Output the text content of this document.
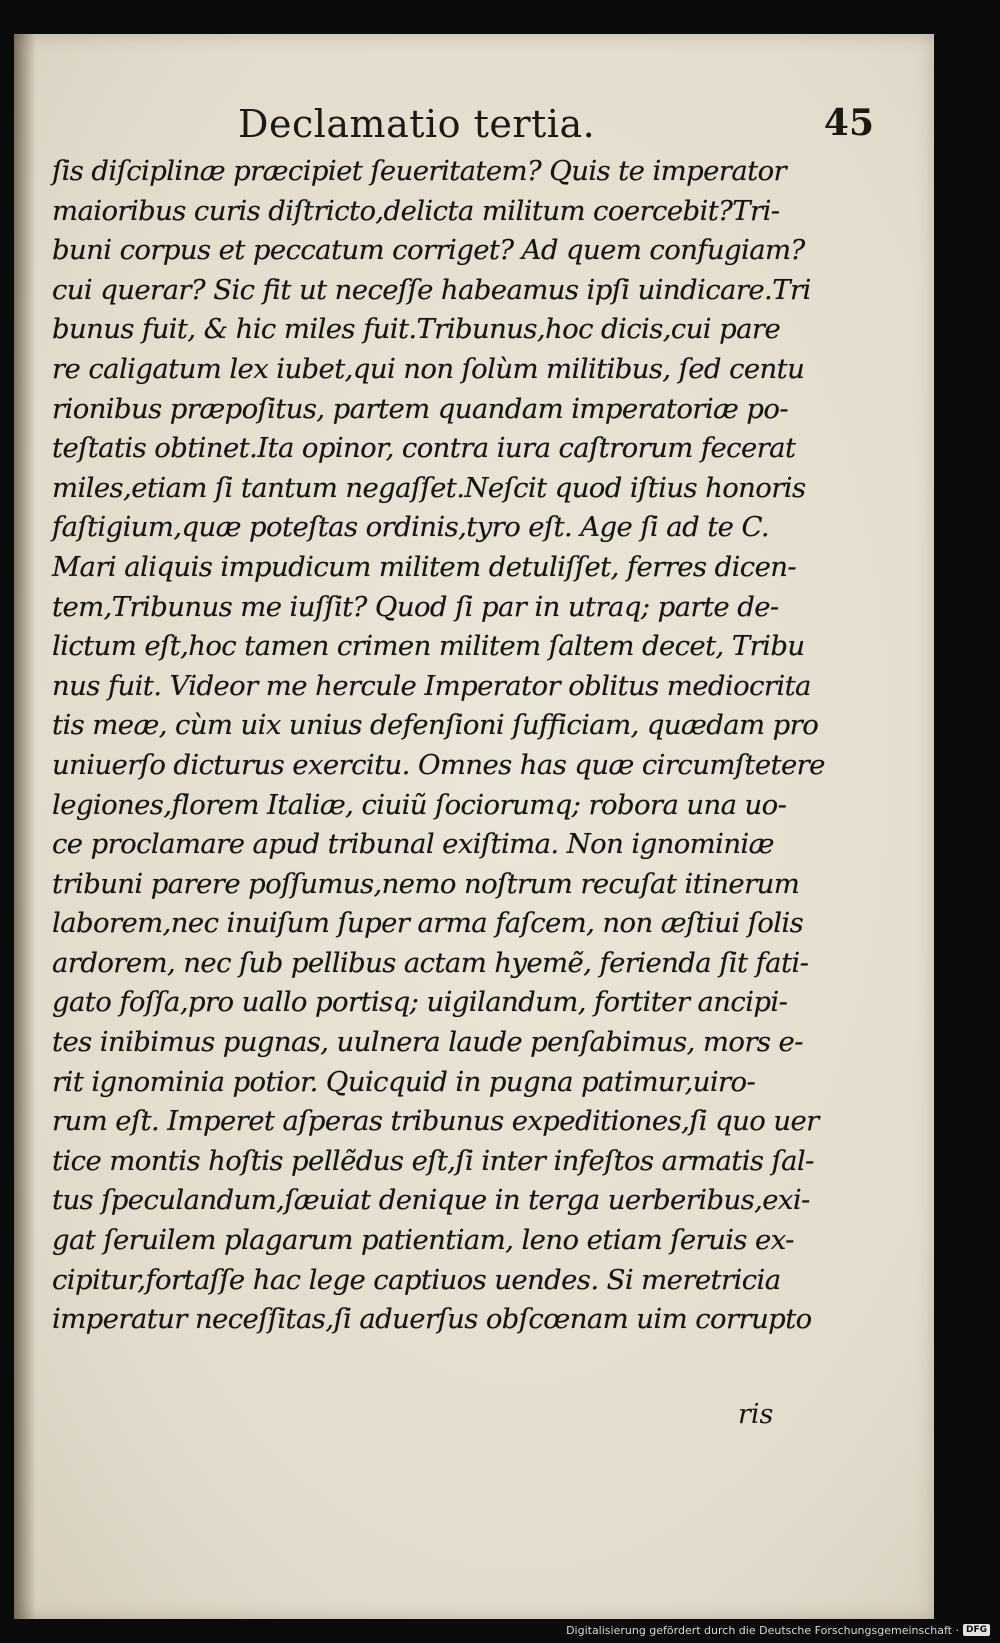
Declamatio tertia.	45
ſis diſciplinæ præcipiet ſeueritatem? Quis te imperator
maioribus curis diſtricto,delicta militum coercebit?Tri-
buni corpus et peccatum corriget? Ad quem confugiam?
cui querar? Sic fit ut neceſſe habeamus ipſi uindicare.Tri
bunus fuit, & hic miles fuit.Tribunus,hoc dicis,cui pare
re caligatum lex iubet,qui non ſolùm militibus, ſed centu
rionibus præpoſitus, partem quandam imperatoriæ po-
teſtatis obtinet.Ita opinor, contra iura caſtrorum fecerat
miles,etiam ſi tantum negaſſet.Neſcit quod iſtius honoris
faſtigium,quæ poteſtas ordinis,tyro eſt. Age ſi ad te C.
Mari aliquis impudicum militem detuliſſet, ferres dicen-
tem,Tribunus me iuſſit? Quod ſi par in utraq; parte de-
lictum eſt,hoc tamen crimen militem ſaltem decet, Tribu
nus fuit. Videor me hercule Imperator oblitus mediocrita
tis meæ, cùm uix unius defenſioni ſufficiam, quædam pro
uniuerſo dicturus exercitu. Omnes has quæ circumſtetere
legiones,florem Italiæ, ciuiũ ſociorumq; robora una uo-
ce proclamare apud tribunal exiſtima. Non ignominiæ
tribuni parere poſſumus,nemo noſtrum recuſat itinerum
laborem,nec inuiſum ſuper arma faſcem, non æſtiui ſolis
ardorem, nec ſub pellibus actam hyemẽ, ferienda ſit fati-
gato foſſa,pro uallo portisq; uigilandum, fortiter ancipi-
tes inibimus pugnas, uulnera laude penſabimus, mors e-
rit ignominia potior. Quicquid in pugna patimur,uiro-
rum eſt. Imperet aſperas tribunus expeditiones,ſi quo uer
tice montis hoſtis pellẽdus eſt,ſi inter infeſtos armatis ſal-
tus ſpeculandum,ſæuiat denique in terga uerberibus,exi-
gat ſeruilem plagarum patientiam, leno etiam ſeruis ex-
cipitur,fortaſſe hac lege captiuos uendes. Si meretricia
imperatur neceſſitas,ſi aduerſus obſcœnam uim corrupto
ris
Digitalisierung gefördert durch die Deutsche Forschungsgemeinschaft · DFG
